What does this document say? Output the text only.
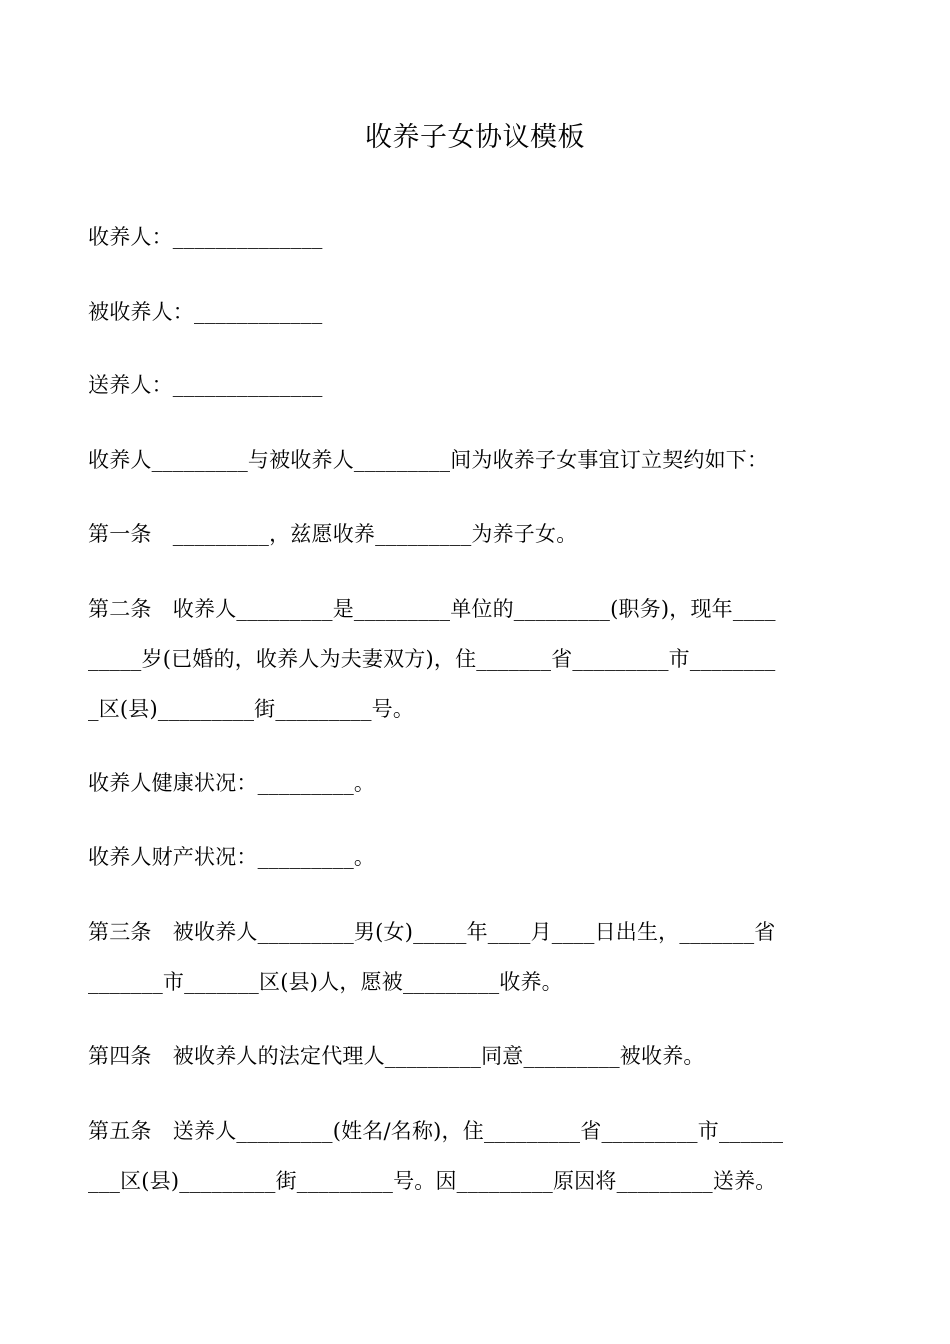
收养子女协议模板

收养人：______________

被收养人：____________

送养人：______________

收养人_________与被收养人_________间为收养子女事宜订立契约如下：

第一条　_________，兹愿收养_________为养子女。

第二条　收养人_________是_________单位的_________(职务)，现年____

_____岁(已婚的，收养人为夫妻双方)，住_______省_________市________

_区(县)_________街_________号。

收养人健康状况：_________。

收养人财产状况：_________。

第三条　被收养人_________男(女)_____年____月____日出生，_______省

_______市_______区(县)人，愿被_________收养。

第四条　被收养人的法定代理人_________同意_________被收养。

第五条　送养人_________(姓名/名称)，住_________省_________市______

___区(县)_________街_________号。因_________原因将_________送养。
